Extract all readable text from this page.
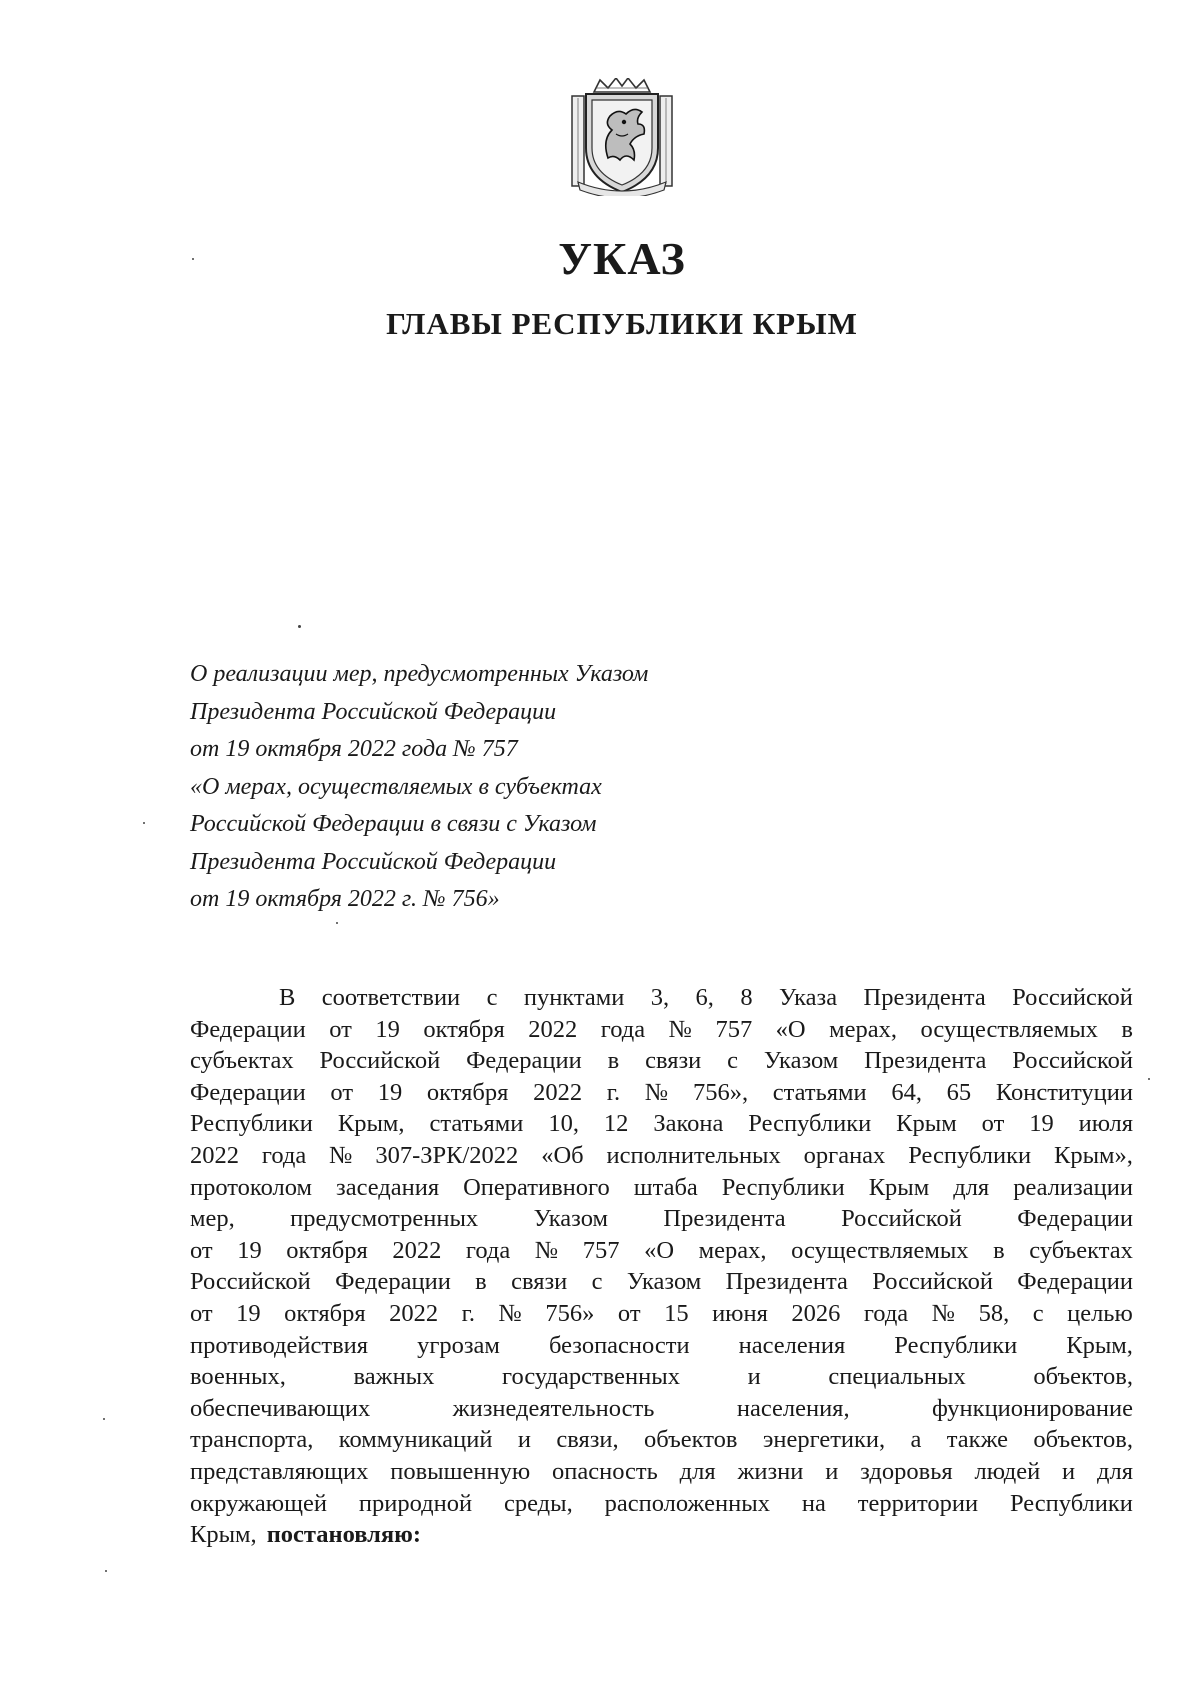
УКАЗ
ГЛАВЫ РЕСПУБЛИКИ КРЫМ
О реализации мер, предусмотренных Указом
Президента Российской Федерации
от 19 октября 2022 года № 757
«О мерах, осуществляемых в субъектах
Российской Федерации в связи с Указом
Президента Российской Федерации
от 19 октября 2022 г. № 756»
В соответствии с пунктами 3, 6, 8 Указа Президента Российской
Федерации от 19 октября 2022 года № 757 «О мерах, осуществляемых в
субъектах Российской Федерации в связи с Указом Президента Российской
Федерации от 19 октября 2022 г. № 756», статьями 64, 65 Конституции
Республики Крым, статьями 10, 12 Закона Республики Крым от 19 июля
2022 года № 307-ЗРК/2022 «Об исполнительных органах Республики Крым»,
протоколом заседания Оперативного штаба Республики Крым для реализации
мер, предусмотренных Указом Президента Российской Федерации
от 19 октября 2022 года № 757 «О мерах, осуществляемых в субъектах
Российской Федерации в связи с Указом Президента Российской Федерации
от 19 октября 2022 г. № 756» от 15 июня 2026 года № 58, с целью
противодействия угрозам безопасности населения Республики Крым,
военных,	важных	государственных	и	специальных	объектов,
обеспечивающих	жизнедеятельность	населения,	функционирование
транспорта, коммуникаций и связи, объектов энергетики, а также объектов,
представляющих повышенную опасность для жизни и здоровья людей и для
окружающей природной среды, расположенных на территории Республики
Крым, постановляю:
